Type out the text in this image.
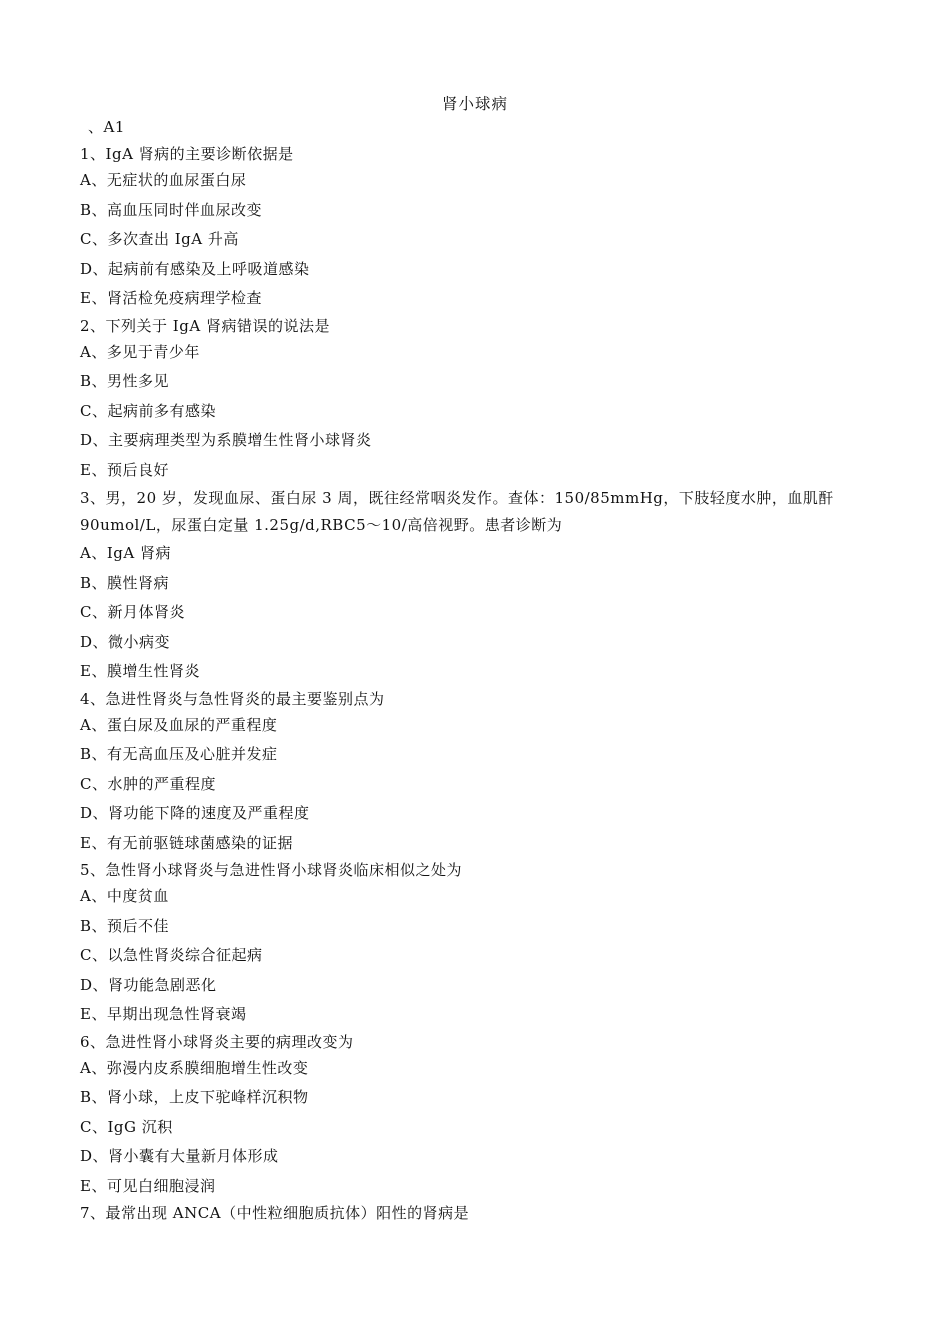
肾小球病
、A1

1、IgA 肾病的主要诊断依据是

A、无症状的血尿蛋白尿

B、高血压同时伴血尿改变

C、多次查出 IgA 升高

D、起病前有感染及上呼吸道感染

E、肾活检免疫病理学检查

2、下列关于 IgA 肾病错误的说法是

A、多见于青少年

B、男性多见

C、起病前多有感染

D、主要病理类型为系膜增生性肾小球肾炎

E、预后良好

3、男，20 岁，发现血尿、蛋白尿 3 周，既往经常咽炎发作。查体：150/85mmHg，下肢轻度水肿，血肌酐 90umol/L，尿蛋白定量 1.25g/d,RBC5～10/高倍视野。患者诊断为

A、IgA 肾病

B、膜性肾病

C、新月体肾炎

D、微小病变

E、膜增生性肾炎

4、急进性肾炎与急性肾炎的最主要鉴别点为

A、蛋白尿及血尿的严重程度

B、有无高血压及心脏并发症

C、水肿的严重程度

D、肾功能下降的速度及严重程度

E、有无前驱链球菌感染的证据

5、急性肾小球肾炎与急进性肾小球肾炎临床相似之处为

A、中度贫血

B、预后不佳

C、以急性肾炎综合征起病

D、肾功能急剧恶化

E、早期出现急性肾衰竭

6、急进性肾小球肾炎主要的病理改变为

A、弥漫内皮系膜细胞增生性改变

B、肾小球，上皮下驼峰样沉积物

C、IgG 沉积

D、肾小囊有大量新月体形成

E、可见白细胞浸润

7、最常出现 ANCA（中性粒细胞质抗体）阳性的肾病是
